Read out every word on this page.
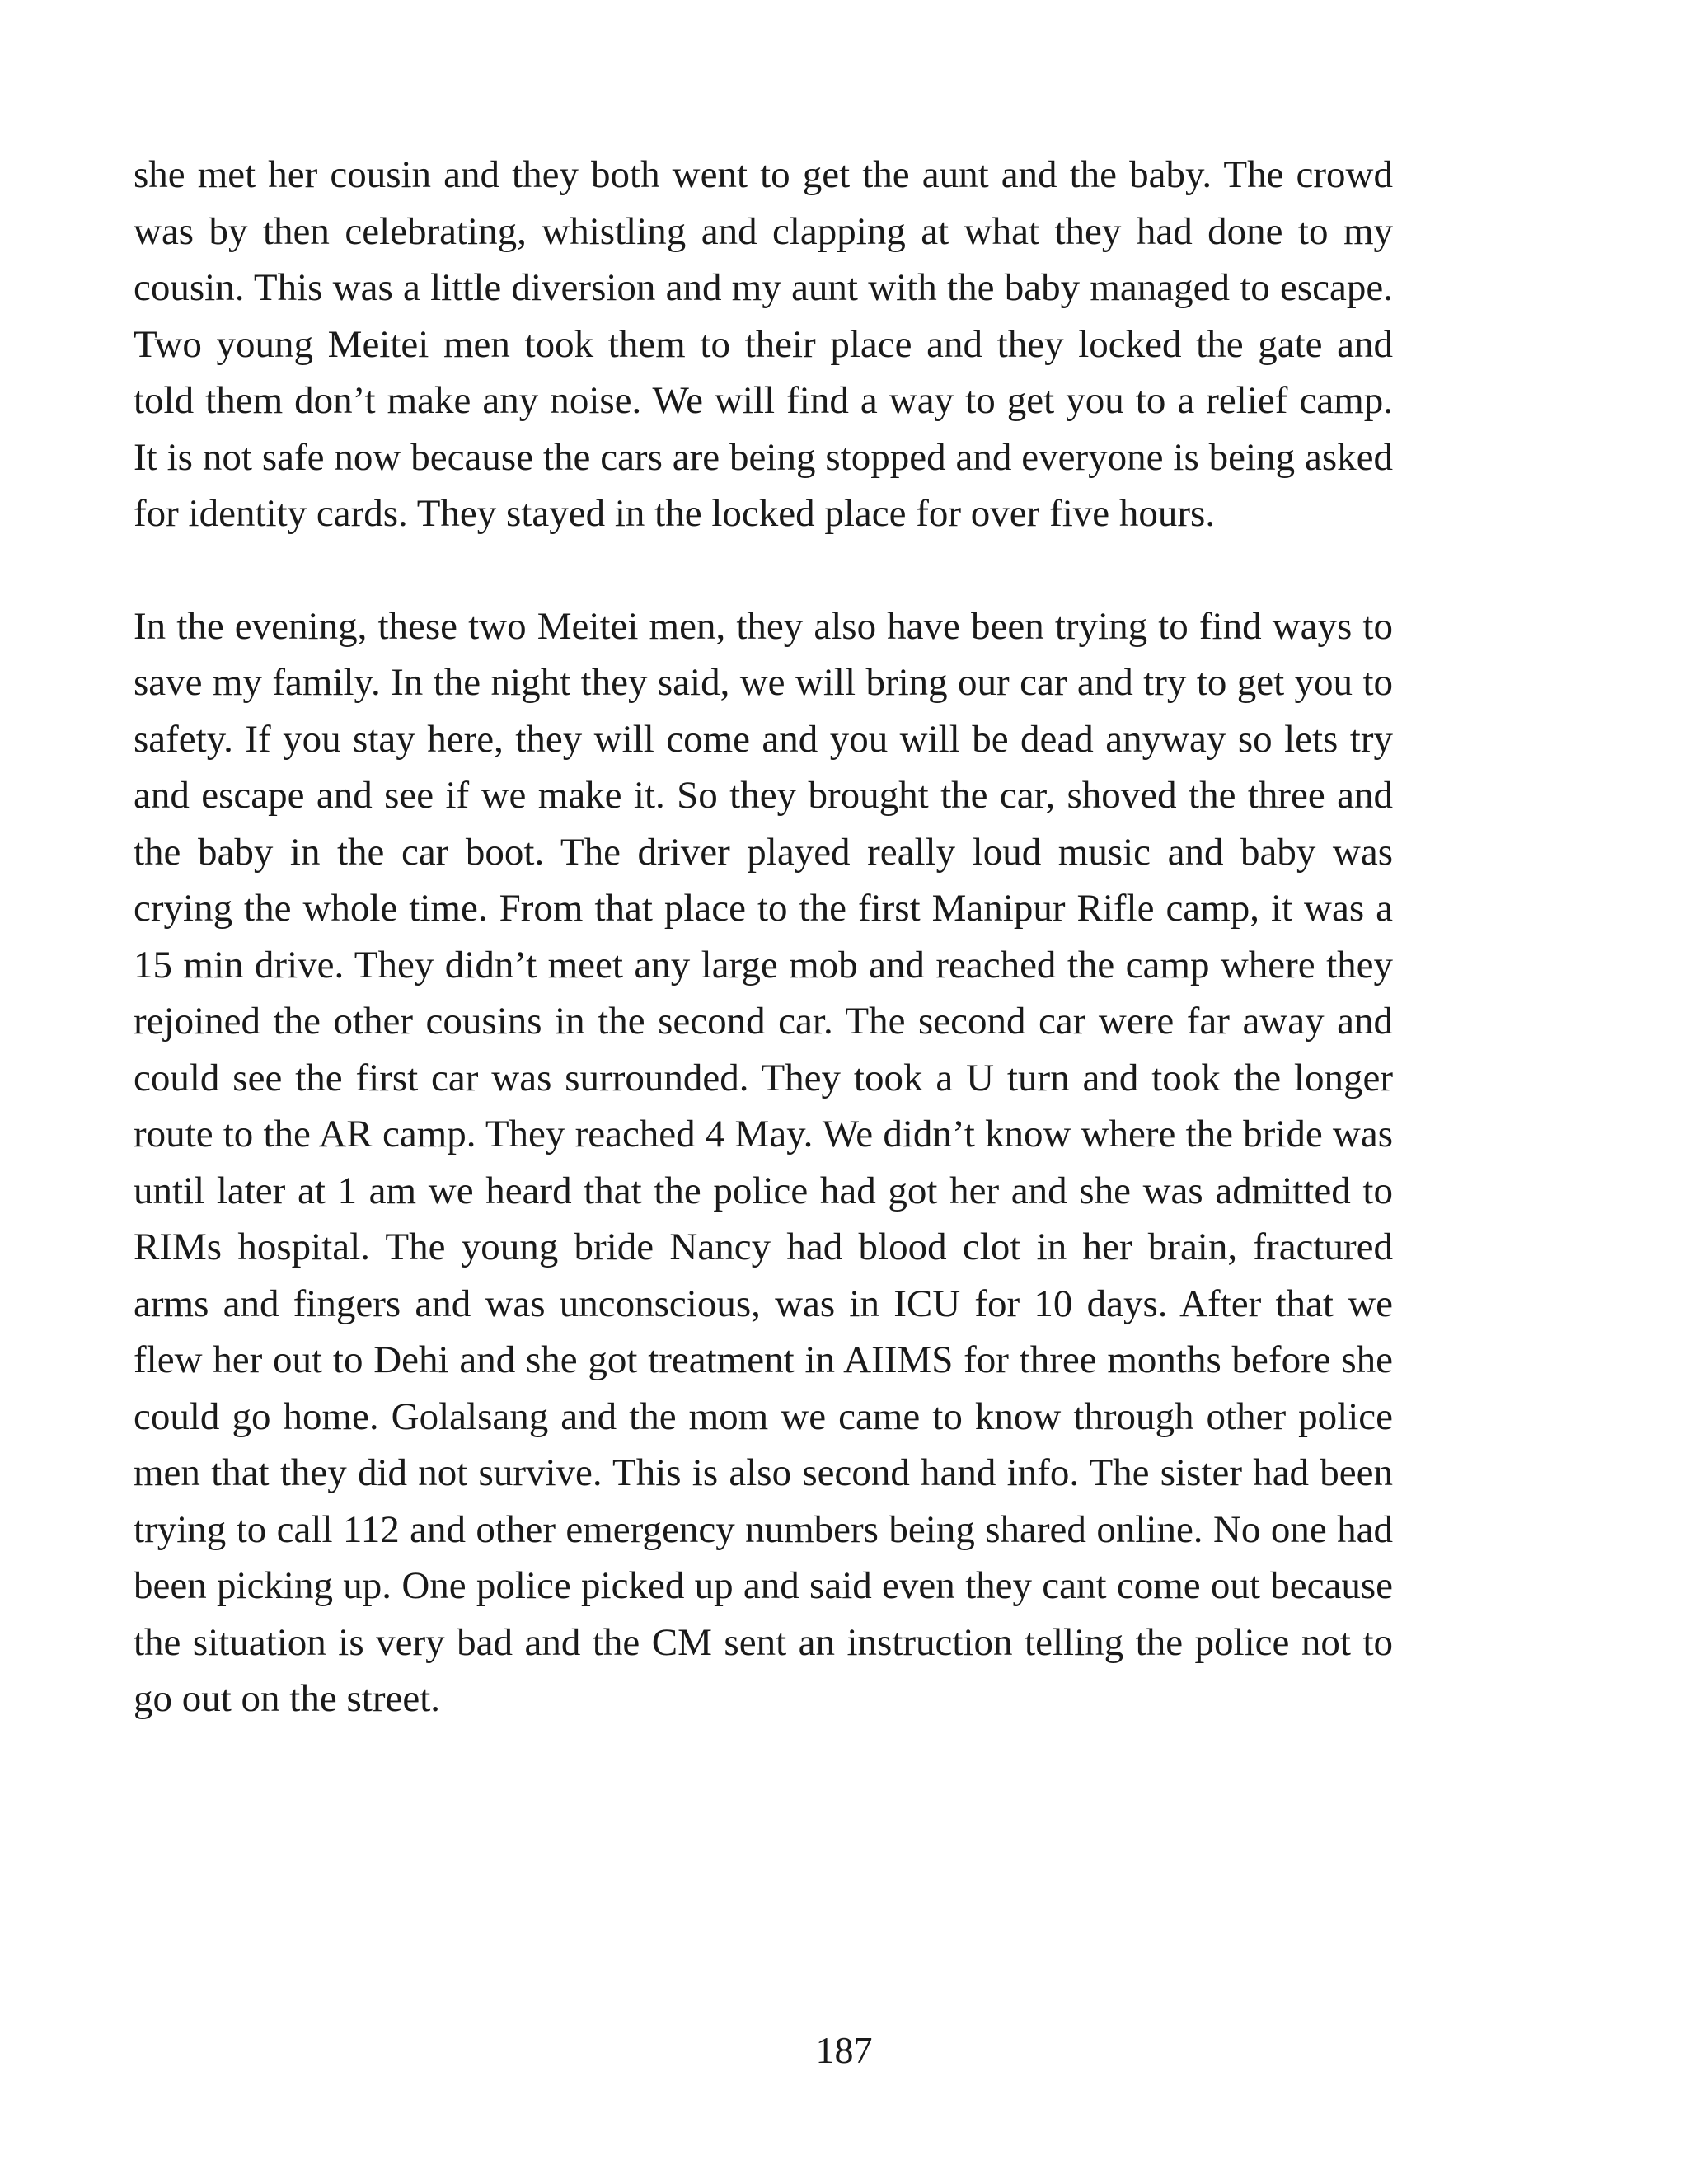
she met her cousin and they both went to get the aunt and the baby. The crowd was by then celebrating, whistling and clapping at what they had done to my cousin. This was a little diversion and my aunt with the baby managed to escape. Two young Meitei men took them to their place and they locked the gate and told them don’t make any noise. We will find a way to get you to a relief camp. It is not safe now because the cars are being stopped and everyone is being asked for identity cards. They stayed in the locked place for over five hours.

In the evening, these two Meitei men, they also have been trying to find ways to save my family. In the night they said, we will bring our car and try to get you to safety. If you stay here, they will come and you will be dead anyway so lets try and escape and see if we make it. So they brought the car, shoved the three and the baby in the car boot. The driver played really loud music and baby was crying the whole time. From that place to the first Manipur Rifle camp, it was a 15 min drive. They didn’t meet any large mob and reached the camp where they rejoined the other cousins in the second car. The second car were far away and could see the first car was surrounded. They took a U turn and took the longer route to the AR camp. They reached 4 May. We didn’t know where the bride was until later at 1 am we heard that the police had got her and she was admitted to RIMs hospital. The young bride Nancy had blood clot in her brain, fractured arms and fingers and was unconscious, was in ICU for 10 days. After that we flew her out to Dehi and she got treatment in AIIMS for three months before she could go home. Golalsang and the mom we came to know through other police men that they did not survive. This is also second hand info. The sister had been trying to call 112 and other emergency numbers being shared online. No one had been picking up. One police picked up and said even they cant come out because the situation is very bad and the CM sent an instruction telling the police not to go out on the street.

187
